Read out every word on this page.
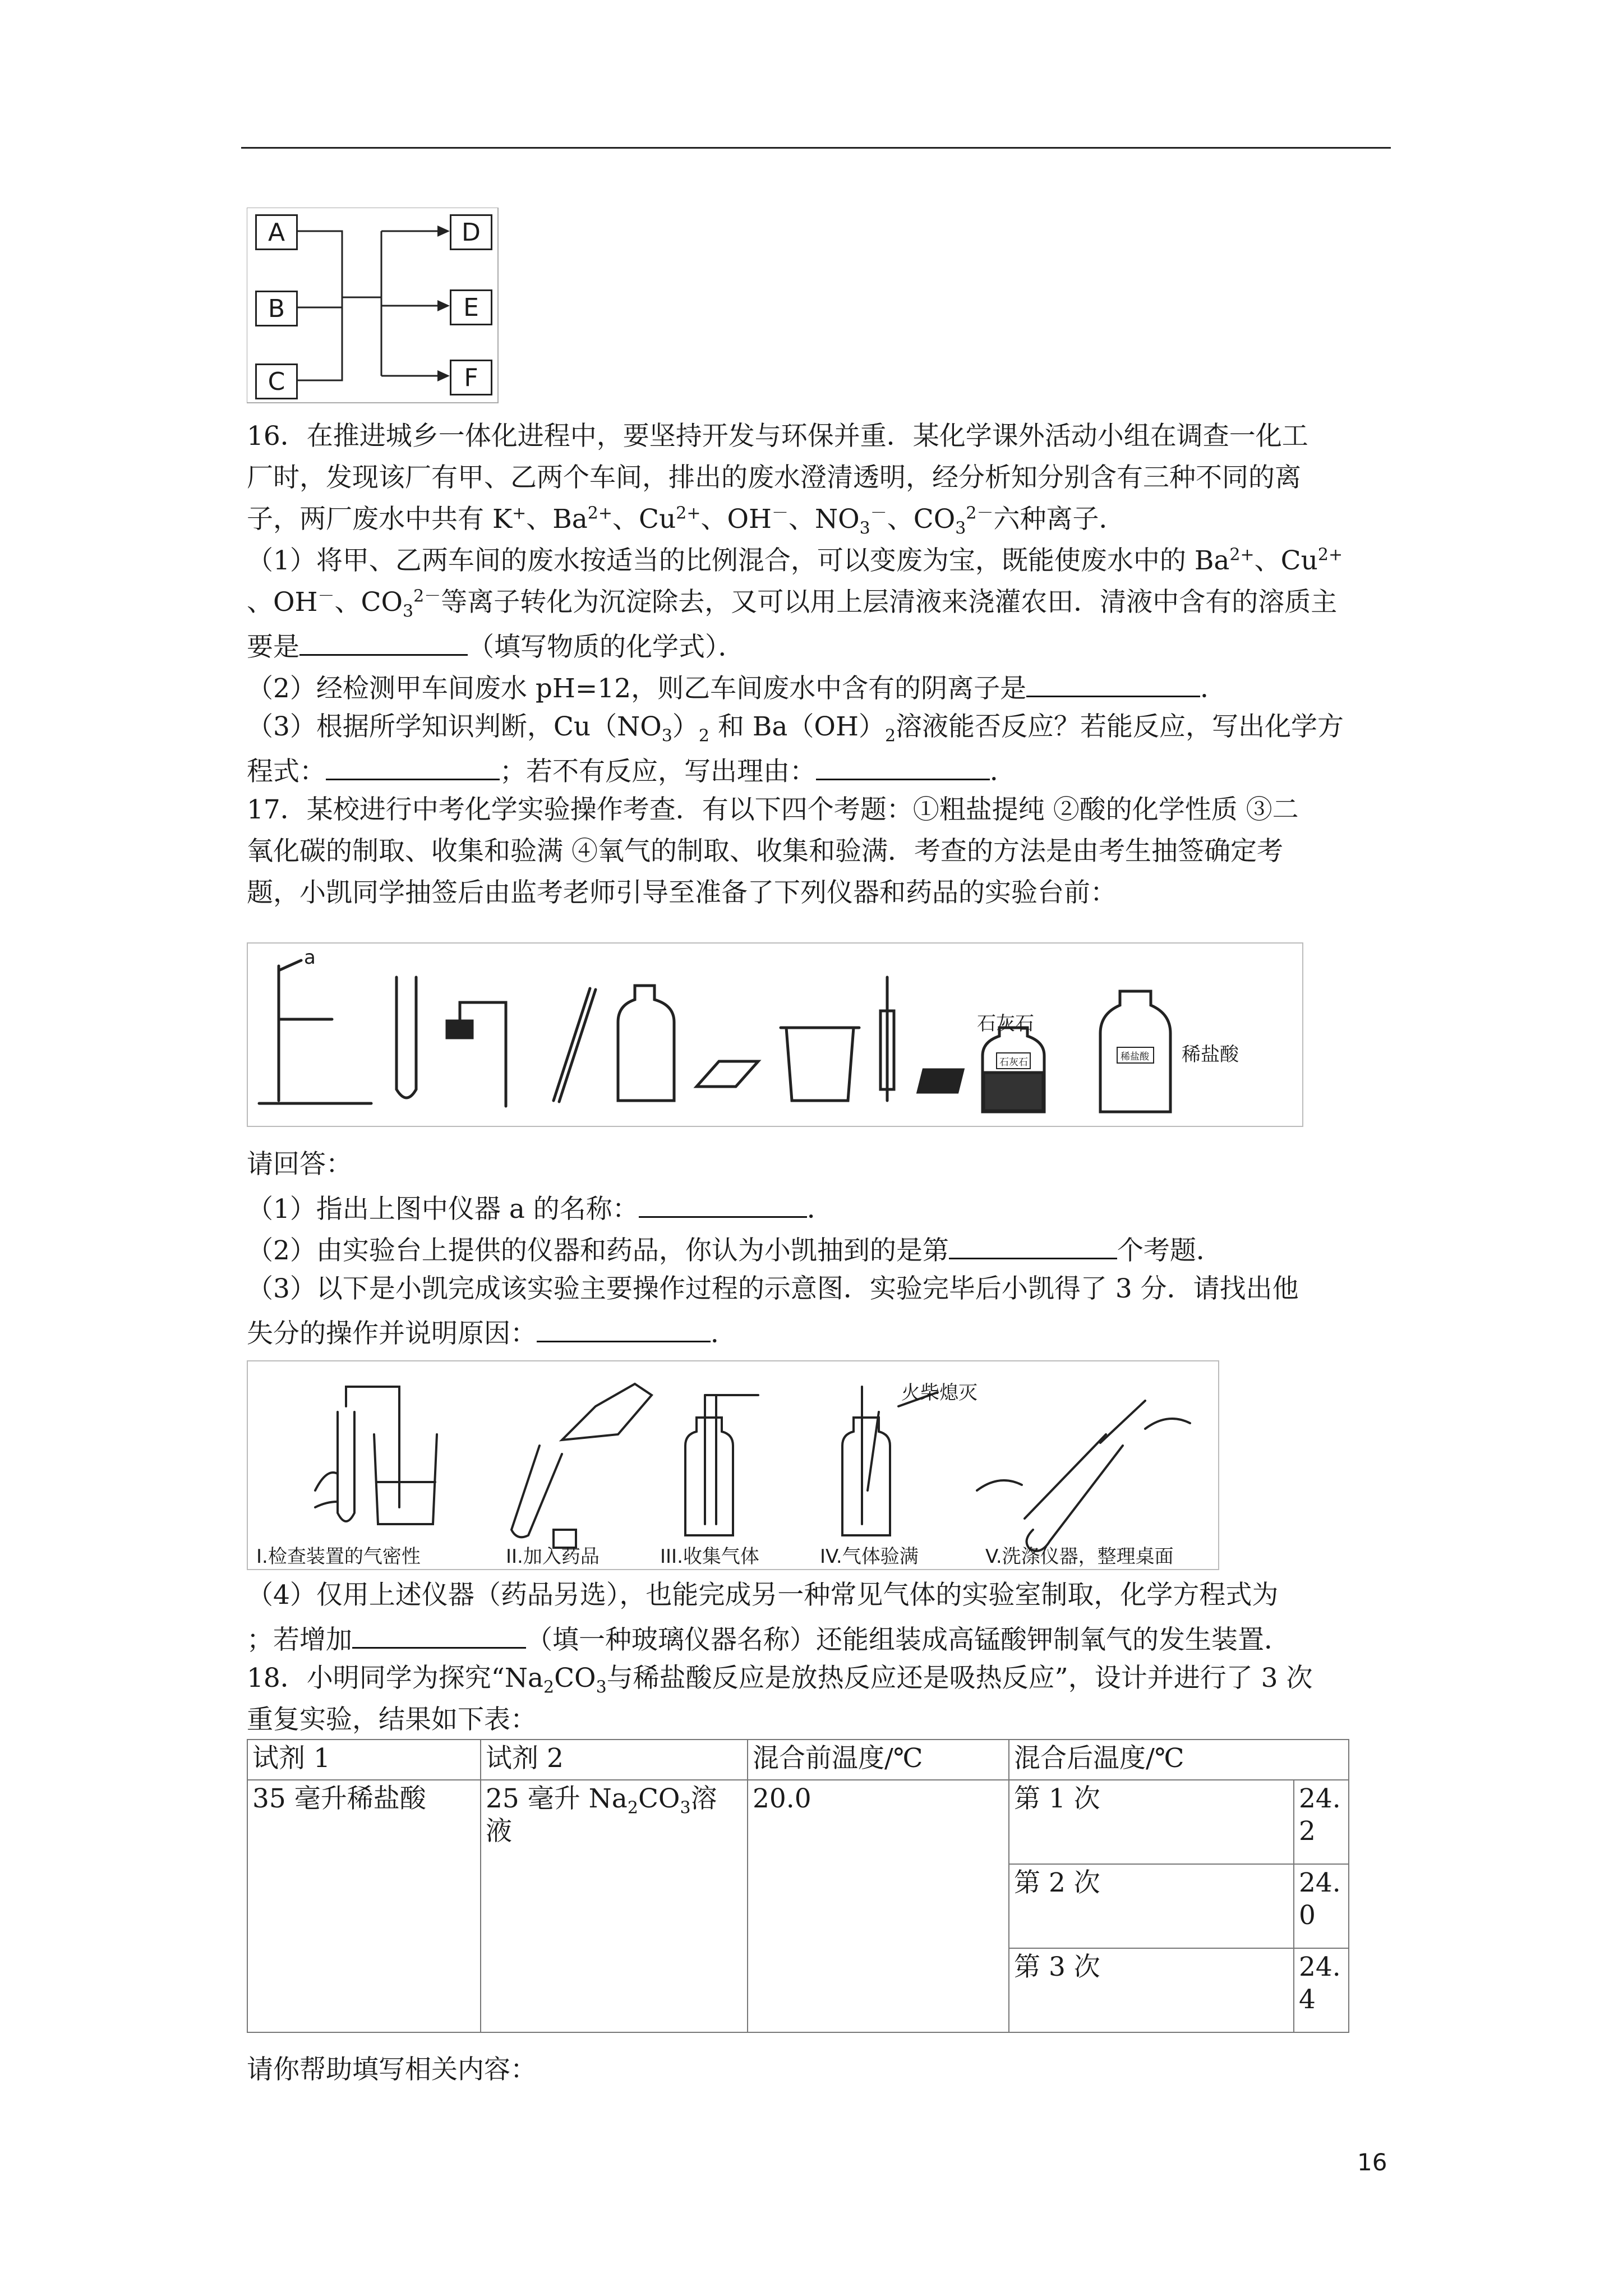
A
B
C
D
E
F
16．在推进城乡一体化进程中，要坚持开发与环保并重．某化学课外活动小组在调查一化工
厂时，发现该厂有甲、乙两个车间，排出的废水澄清透明，经分析知分别含有三种不同的离
子，两厂废水中共有 K+、$Ba^{2+}$、$Cu^{2+}$、OH－、$NO_3^-$、$CO_3^{2-}$六种离子．
（1）将甲、乙两车间的废水按适当的比例混合，可以变废为宝，既能使废水中的 $Ba^{2+}$、$Cu^{2+}$
、OH－、$CO_3^{2-}$等离子转化为沉淀除去，又可以用上层清液来浇灌农田．清液中含有的溶质主
要是	（填写物质的化学式）．
（2）经检测甲车间废水 pH=12，则乙车间废水中含有的阴离子是	．
（3）根据所学知识判断，$Cu(NO_3)_2$ 和 $Ba(OH)_2$溶液能否反应？若能反应，写出化学方
程式：	；若不有反应，写出理由：	．
17．某校进行中考化学实验操作考查．有以下四个考题：①粗盐提纯 ②酸的化学性质 ③二
氧化碳的制取、收集和验满 ④氧气的制取、收集和验满．考查的方法是由考生抽签确定考
题，小凯同学抽签后由监考老师引导至准备了下列仪器和药品的实验台前：
a
石灰石
稀盐酸
石灰石	稀盐酸
请回答：
（1）指出上图中仪器 a 的名称：	．
（2）由实验台上提供的仪器和药品，你认为小凯抽到的是第	个考题．
（3）以下是小凯完成该实验主要操作过程的示意图．实验完毕后小凯得了 3 分．请找出他
失分的操作并说明原因：	．
火柴熄灭
I.检查装置的气密性	II.加入药品	III.收集气体	IV.气体验满	V.洗涤仪器，整理桌面
（4）仅用上述仪器（药品另选），也能完成另一种常见气体的实验室制取，化学方程式为
；若增加	（填一种玻璃仪器名称）还能组装成高锰酸钾制氧气的发生装置．
18．小明同学为探究“$Na_2CO_3$与稀盐酸反应是放热反应还是吸热反应”，设计并进行了 3 次
重复实验，结果如下表：
试剂 1	试剂 2	混合前温度/℃	混合后温度/℃	
35 毫升稀盐酸	25 毫升 $Na_2CO_3$溶液	20.0	第 1 次	24.2
			第 2 次	24.0
			第 3 次	24.4
请你帮助填写相关内容：
16
